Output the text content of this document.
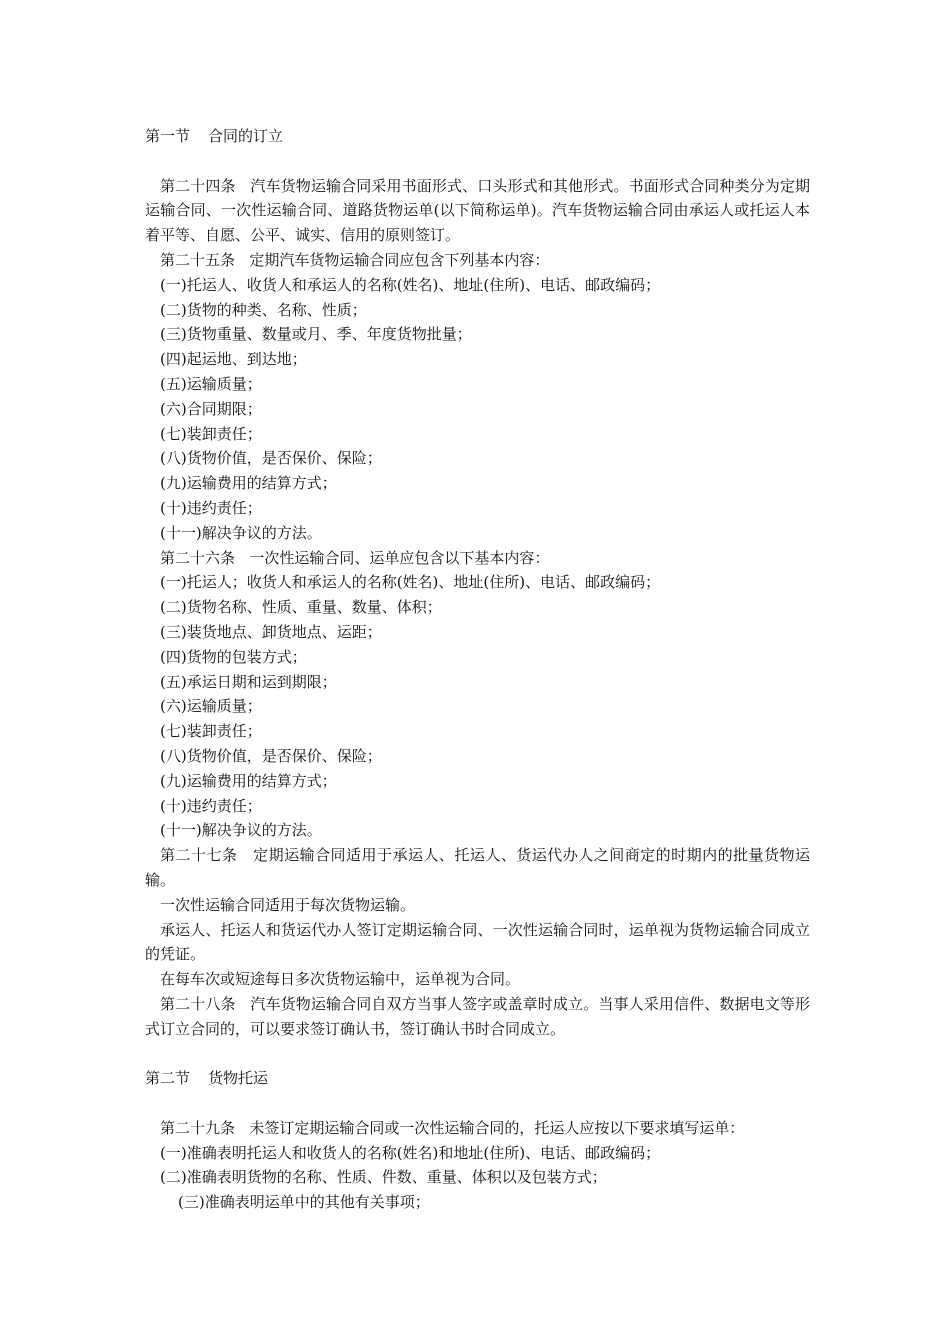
第一节 合同的订立

第二十四条 汽车货物运输合同采用书面形式、口头形式和其他形式。书面形式合同种类分为定期运输合同、一次性运输合同、道路货物运单(以下简称运单)。汽车货物运输合同由承运人或托运人本着平等、自愿、公平、诚实、信用的原则签订。

第二十五条 定期汽车货物运输合同应包含下列基本内容：

(一)托运人、收货人和承运人的名称(姓名)、地址(住所)、电话、邮政编码；

(二)货物的种类、名称、性质；

(三)货物重量、数量或月、季、年度货物批量；

(四)起运地、到达地；

(五)运输质量；

(六)合同期限；

(七)装卸责任；

(八)货物价值，是否保价、保险；

(九)运输费用的结算方式；

(十)违约责任；

(十一)解决争议的方法。

第二十六条 一次性运输合同、运单应包含以下基本内容：

(一)托运人；收货人和承运人的名称(姓名)、地址(住所)、电话、邮政编码；

(二)货物名称、性质、重量、数量、体积；

(三)装货地点、卸货地点、运距；

(四)货物的包装方式；

(五)承运日期和运到期限；

(六)运输质量；

(七)装卸责任；

(八)货物价值，是否保价、保险；

(九)运输费用的结算方式；

(十)违约责任；

(十一)解决争议的方法。

第二十七条 定期运输合同适用于承运人、托运人、货运代办人之间商定的时期内的批量货物运输。

一次性运输合同适用于每次货物运输。

承运人、托运人和货运代办人签订定期运输合同、一次性运输合同时，运单视为货物运输合同成立的凭证。

在每车次或短途每日多次货物运输中，运单视为合同。

第二十八条 汽车货物运输合同自双方当事人签字或盖章时成立。当事人采用信件、数据电文等形式订立合同的，可以要求签订确认书，签订确认书时合同成立。

第二节 货物托运

第二十九条 未签订定期运输合同或一次性运输合同的，托运人应按以下要求填写运单：

(一)准确表明托运人和收货人的名称(姓名)和地址(住所)、电话、邮政编码；

(二)准确表明货物的名称、性质、件数、重量、体积以及包装方式；

(三)准确表明运单中的其他有关事项；
